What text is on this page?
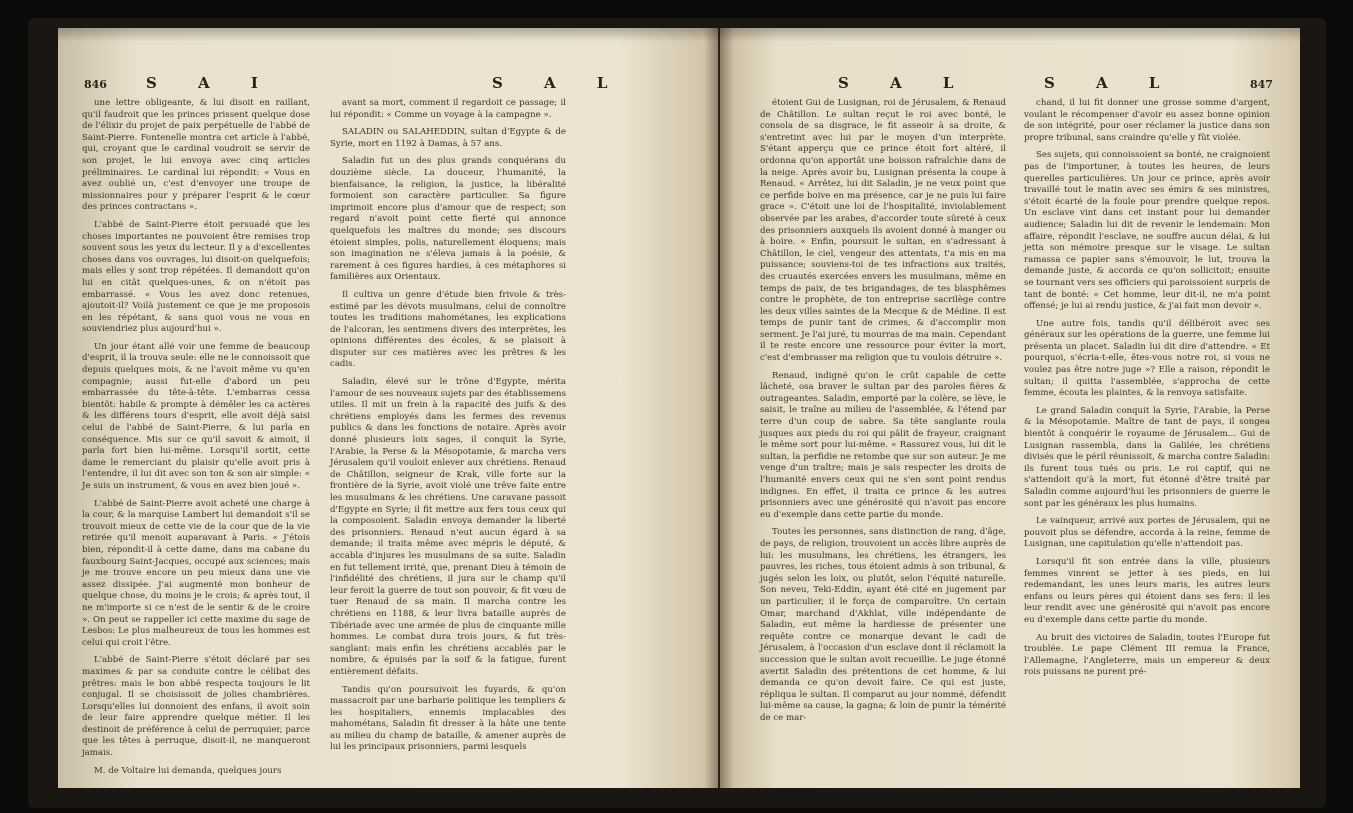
846	S A I	S A L

une lettre obligeante, & lui disoit en raillant, qu'il faudroit que les princes prissent quelque dose de l'élixir du projet de paix perpétuelle de l'abbé de Saint-Pierre. Fontenelle montra cet article à l'abbé, qui, croyant que le cardinal voudroit se servir de son projet, le lui envoya avec cinq articles préliminaires. Le cardinal lui répondit: « Vous en avez oublié un, c'est d'envoyer une troupe de missionnaires pour y préparer l'esprit & le cœur des princes contractans ».

L'abbé de Saint-Pierre étoit persuadé que les choses importantes ne pouvoient être remises trop souvent sous les yeux du lecteur. Il y a d'excellentes choses dans vos ouvrages, lui disoit-on quelquefois; mais elles y sont trop répétées. Il demandoit qu'on lui en citât quelques-unes, & on n'étoit pas embarrassé. « Vous les avez donc retenues, ajoutoit-il? Voilà justement ce que je me proposois en les répétant, & sans quoi vous ne vous en souviendriez plus aujourd'hui ».

Un jour étant allé voir une femme de beaucoup d'esprit, il la trouva seule: elle ne le connoissoit que depuis quelques mois, & ne l'avoit même vu qu'en compagnie; aussi fut-elle d'abord un peu embarrassée du tête-à-tête. L'embarras cessa bientôt: habile & prompte à démêler les ca actères & les différens tours d'esprit, elle avoit déjà saisi celui de l'abbé de Saint-Pierre, & lui parla en conséquence. Mis sur ce qu'il savoit & aimoit, il parla fort bien lui-même. Lorsqu'il sortit, cette dame le remerciant du plaisir qu'elle avoit pris à l'entendre, il lui dit avec son ton & son air simple: « Je suis un instrument, & vous en avez bien joué ».

L'abbé de Saint-Pierre avoit acheté une charge à la cour, & la marquise Lambert lui demandoit s'il se trouvoit mieux de cette vie de la cour que de la vie retirée qu'il menoit auparavant à Paris. « J'étois bien, répondit-il à cette dame, dans ma cabane du fauxbourg Saint-Jacques, occupé aux sciences; mais je me trouve encore un peu mieux dans une vie assez dissipée. J'ai augmenté mon bonheur de quelque chose, du moins je le crois; & après tout, il ne m'importe si ce n'est de le sentir & de le croire ». On peut se rappeller ici cette maxime du sage de Lesbos: Le plus malheureux de tous les hommes est celui qui croit l'être.

L'abbé de Saint-Pierre s'étoit déclaré par ses maximes & par sa conduite contre le célibat des prêtres: mais le bon abbé respecta toujours le lit conjugal. Il se choisissoit de jolies chambrières. Lorsqu'elles lui donnoient des enfans, il avoit soin de leur faire apprendre quelque métier. Il les destinoit de préférence à celui de perruquier, parce que les têtes à perruque, disoit-il, ne manqueront jamais.

M. de Voltaire lui demanda, quelques jours

avant sa mort, comment il regardoit ce passage; il lui répondit: « Comme un voyage à la campagne ».

SALADIN ou SALAHEDDIN, sultan d'Egypte & de Syrie, mort en 1192 à Damas, à 57 ans.

Saladin fut un des plus grands conquérans du douzième siècle. La douceur, l'humanité, la bienfaisance, la religion, la justice, la libéralité formoient son caractère particulier. Sa figure imprimoit encore plus d'amour que de respect; son regard n'avoit point cette fierté qui annonce quelquefois les maîtres du monde; ses discours étoient simples, polis, naturellement éloquens; mais son imagination ne s'éleva jamais à la poésie, & rarement à ces figures hardies, à ces métaphores si familières aux Orientaux.

Il cultiva un genre d'étude bien frivole & très-estimé par les dévots musulmans, celui de connoître toutes les traditions mahométanes, les explications de l'alcoran, les sentimens divers des interprètes, les opinions différentes des écoles, & se plaisoit à disputer sur ces matières avec les prêtres & les cadis.

Saladin, élevé sur le trône d'Egypte, mérita l'amour de ses nouveaux sujets par des établissemens utiles. Il mit un frein à la rapacité des juifs & des chrétiens employés dans les fermes des revenus publics & dans les fonctions de notaire. Après avoir donné plusieurs loix sages, il conquit la Syrie, l'Arabie, la Perse & la Mésopotamie, & marcha vers Jérusalem qu'il vouloit enlever aux chrétiens. Renaud de Châtillon, seigneur de Krak, ville forte sur la frontière de la Syrie, avoit violé une trêve faite entre les musulmans & les chrétiens. Une caravane passoit d'Egypte en Syrie; il fit mettre aux fers tous ceux qui la composoient. Saladin envoya demander la liberté des prisonniers. Renaud n'eut aucun égard à sa demande; il traita même avec mépris le député, & accabla d'injures les musulmans de sa suite. Saladin en fut tellement irrité, que, prenant Dieu à témoin de l'infidélité des chrétiens, il jura sur le champ qu'il leur feroit la guerre de tout son pouvoir, & fit vœu de tuer Renaud de sa main. Il marcha contre les chrétiens en 1188, & leur livra bataille auprès de Tibériade avec une armée de plus de cinquante mille hommes. Le combat dura trois jours, & fut très-sanglant: mais enfin les chrétiens accablés par le nombre, & épuisés par la soif & la fatigue, furent entièrement défaits.

Tandis qu'on poursuivoit les fuyards, & qu'on massacroit par une barbarie politique les templiers & les hospitaliers, ennemis implacables des mahométans, Saladin fit dresser à la hâte une tente au milieu du champ de bataille, & amener auprès de lui les principaux prisonniers, parmi lesquels

S A L	S A L	847

étoient Gui de Lusignan, roi de Jérusalem, & Renaud de Châtillon. Le sultan reçut le roi avec bonté, le consola de sa disgrace, le fit asseoir à sa droite, & s'entretint avec lui par le moyen d'un interprète. S'étant apperçu que ce prince étoit fort altéré, il ordonna qu'on apportât une boisson rafraîchie dans de la neige. Après avoir bu, Lusignan présenta la coupe à Renaud. « Arrêtez, lui dit Saladin, je ne veux point que ce perfide boive en ma présence, car je ne puis lui faire grace ». C'étoit une loi de l'hospitalité, inviolablement observée par les arabes, d'accorder toute sûreté à ceux des prisonniers auxquels ils avoient donné à manger ou à boire. « Enfin, poursuit le sultan, en s'adressant à Châtillon, le ciel, vengeur des attentats, t'a mis en ma puissance; souviens-toi de tes infractions aux traités, des cruautés exercées envers les musulmans, même en temps de paix, de tes brigandages, de tes blasphêmes contre le prophète, de ton entreprise sacrilège contre les deux villes saintes de la Mecque & de Médine. Il est temps de punir tant de crimes, & d'accomplir mon serment. Je l'ai juré, tu mourras de ma main. Cependant il te reste encore une ressource pour éviter la mort, c'est d'embrasser ma religion que tu voulois détruire ».

Renaud, indigné qu'on le crût capable de cette lâcheté, osa braver le sultan par des paroles fières & outrageantes. Saladin, emporté par la colère, se lève, le saisit, le traîne au milieu de l'assemblée, & l'étend par terre d'un coup de sabre. Sa tête sanglante roula jusques aux pieds du roi qui pâlit de frayeur, craignant le même sort pour lui-même. « Rassurez vous, lui dit le sultan, la perfidie ne retombe que sur son auteur. Je me venge d'un traître; mais je sais respecter les droits de l'humanité envers ceux qui ne s'en sont point rendus indignes. En effet, il traita ce prince & les autres prisonniers avec une générosité qui n'avoit pas encore eu d'exemple dans cette partie du monde.

Toutes les personnes, sans distinction de rang, d'âge, de pays, de religion, trouvoient un accès libre auprès de lui: les musulmans, les chrétiens, les étrangers, les pauvres, les riches, tous étoient admis à son tribunal, & jugés selon les loix, ou plutôt, selon l'équité naturelle. Son neveu, Teki-Eddin, ayant été cité en jugement par un particulier, il le força de comparoître. Un certain Omar, marchand d'Akhlat, ville indépendante de Saladin, eut même la hardiesse de présenter une requête contre ce monarque devant le cadi de Jérusalem, à l'occasion d'un esclave dont il réclamoit la succession que le sultan avoit recueillie. Le juge étonné avertit Saladin des prétentions de cet homme, & lui demanda ce qu'on devoit faire. Ce qui est juste, répliqua le sultan. Il comparut au jour nommé, défendit lui-même sa cause, la gagna; & loin de punir la témérité de ce mar-

chand, il lui fit donner une grosse somme d'argent, voulant le récompenser d'avoir eu assez bonne opinion de son intégrité, pour oser réclamer la justice dans son propre tribunal, sans craindre qu'elle y fût violée.

Ses sujets, qui connoissoient sa bonté, ne craignoient pas de l'importuner, à toutes les heures, de leurs querelles particulières. Un jour ce prince, après avoir travaillé tout le matin avec ses émirs & ses ministres, s'étoit écarté de la foule pour prendre quelque repos. Un esclave vint dans cet instant pour lui demander audience; Saladin lui dit de revenir le lendemain: Mon affaire, répondit l'esclave, ne souffre aucun délai, & lui jetta son mémoire presque sur le visage. Le sultan ramassa ce papier sans s'émouvoir, le lut, trouva la demande juste, & accorda ce qu'on sollicitoit; ensuite se tournant vers ses officiers qui paroissoient surpris de tant de bonté: « Cet homme, leur dit-il, ne m'a point offensé; je lui ai rendu justice, & j'ai fait mon devoir ».

Une autre fois, tandis qu'il délibéroit avec ses généraux sur les opérations de la guerre, une femme lui présenta un placet. Saladin lui dit dire d'attendre. « Et pourquoi, s'écria-t-elle, êtes-vous notre roi, si vous ne voulez pas être notre juge »? Elle a raison, répondit le sultan; il quitta l'assemblée, s'approcha de cette femme, écouta les plaintes, & la renvoya satisfaite.

Le grand Saladin conquit la Syrie, l'Arabie, la Perse & la Mésopotamie. Maître de tant de pays, il songea bientôt à conquérir le royaume de Jérusalem... Gui de Lusignan rassembla, dans la Galilée, les chrétiens divisés que le péril réunissoit, & marcha contre Saladin: ils furent tous tués ou pris. Le roi captif, qui ne s'attendoit qu'à la mort, fut étonné d'être traité par Saladin comme aujourd'hui les prisonniers de guerre le sont par les généraux les plus humains.

Le vainqueur, arrivé aux portes de Jérusalem, qui ne pouvoit plus se défendre, accorda à la reine, femme de Lusignan, une capitulation qu'elle n'attendoit pas.

Lorsqu'il fit son entrée dans la ville, plusieurs femmes vinrent se jetter à ses pieds, en lui redemandant, les unes leurs maris, les autres leurs enfans ou leurs pères qui étoient dans ses fers: il les leur rendit avec une générosité qui n'avoit pas encore eu d'exemple dans cette partie du monde.

Au bruit des victoires de Saladin, toutes l'Europe fut troublée. Le pape Clément III remua la France, l'Allemagne, l'Angleterre, mais un empereur & deux rois puissans ne purent pré-
